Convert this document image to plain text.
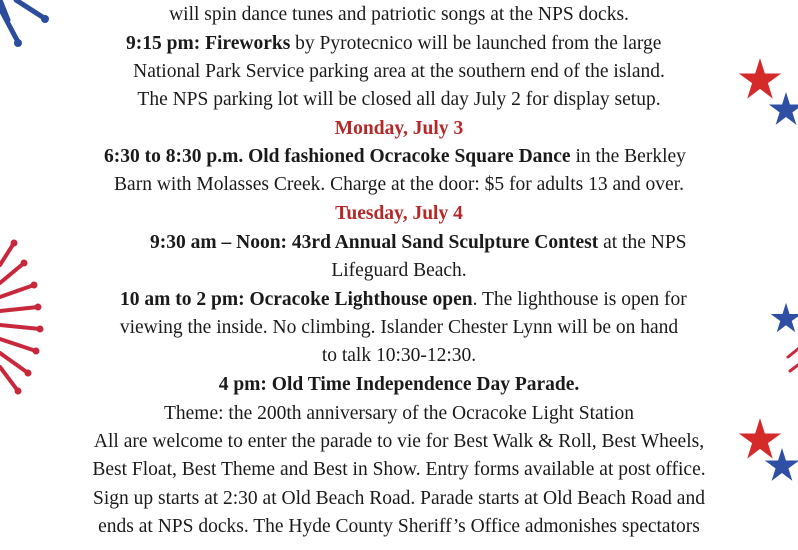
will spin dance tunes and patriotic songs at the NPS docks.
9:15 pm: Fireworks by Pyrotecnico will be launched from the large
National Park Service parking area at the southern end of the island.
The NPS parking lot will be closed all day July 2 for display setup.
Monday, July 3
6:30 to 8:30 p.m. Old fashioned Ocracoke Square Dance in the Berkley
Barn with Molasses Creek. Charge at the door: $5 for adults 13 and over.
Tuesday, July 4
9:30 am – Noon: 43rd Annual Sand Sculpture Contest at the NPS
Lifeguard Beach.
10 am to 2 pm: Ocracoke Lighthouse open. The lighthouse is open for
viewing the inside. No climbing. Islander Chester Lynn will be on hand
to talk 10:30-12:30.
4 pm: Old Time Independence Day Parade.
Theme: the 200th anniversary of the Ocracoke Light Station
All are welcome to enter the parade to vie for Best Walk & Roll, Best Wheels,
Best Float, Best Theme and Best in Show. Entry forms available at post office.
Sign up starts at 2:30 at Old Beach Road. Parade starts at Old Beach Road and
ends at NPS docks. The Hyde County Sheriff’s Office admonishes spectators
